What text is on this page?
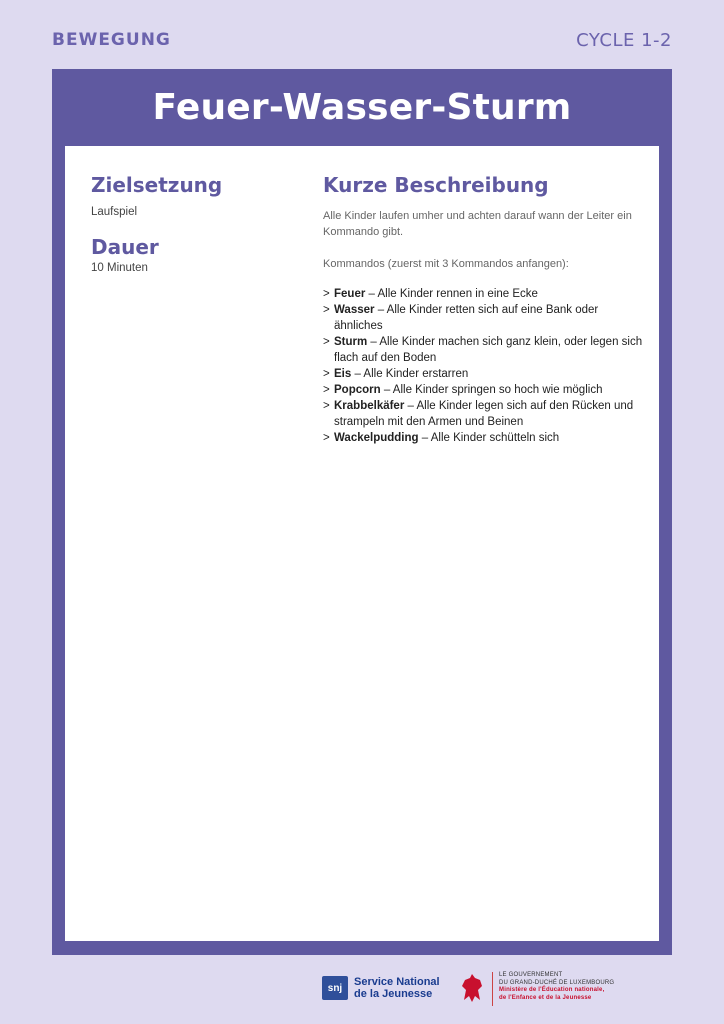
BEWEGUNG	CYCLE 1-2
Feuer-Wasser-Sturm
Zielsetzung
Laufspiel
Dauer
10 Minuten
Kurze Beschreibung
Alle Kinder laufen umher und achten darauf wann der Leiter ein
Kommando gibt.
Kommandos (zuerst mit 3 Kommandos anfangen):
> Feuer – Alle Kinder rennen in eine Ecke
> Wasser – Alle Kinder retten sich auf eine Bank oder ähnliches
> Sturm – Alle Kinder machen sich ganz klein, oder legen sich flach auf den Boden
> Eis – Alle Kinder erstarren
> Popcorn – Alle Kinder springen so hoch wie möglich
> Krabbelkäfer – Alle Kinder legen sich auf den Rücken und strampeln mit den Armen und Beinen
> Wackelpudding – Alle Kinder schütteln sich
snj	Service National
de la Jeunesse
LE GOUVERNEMENT
DU GRAND-DUCHÉ DE LUXEMBOURG
Ministère de l'Éducation nationale,
de l'Enfance et de la Jeunesse
